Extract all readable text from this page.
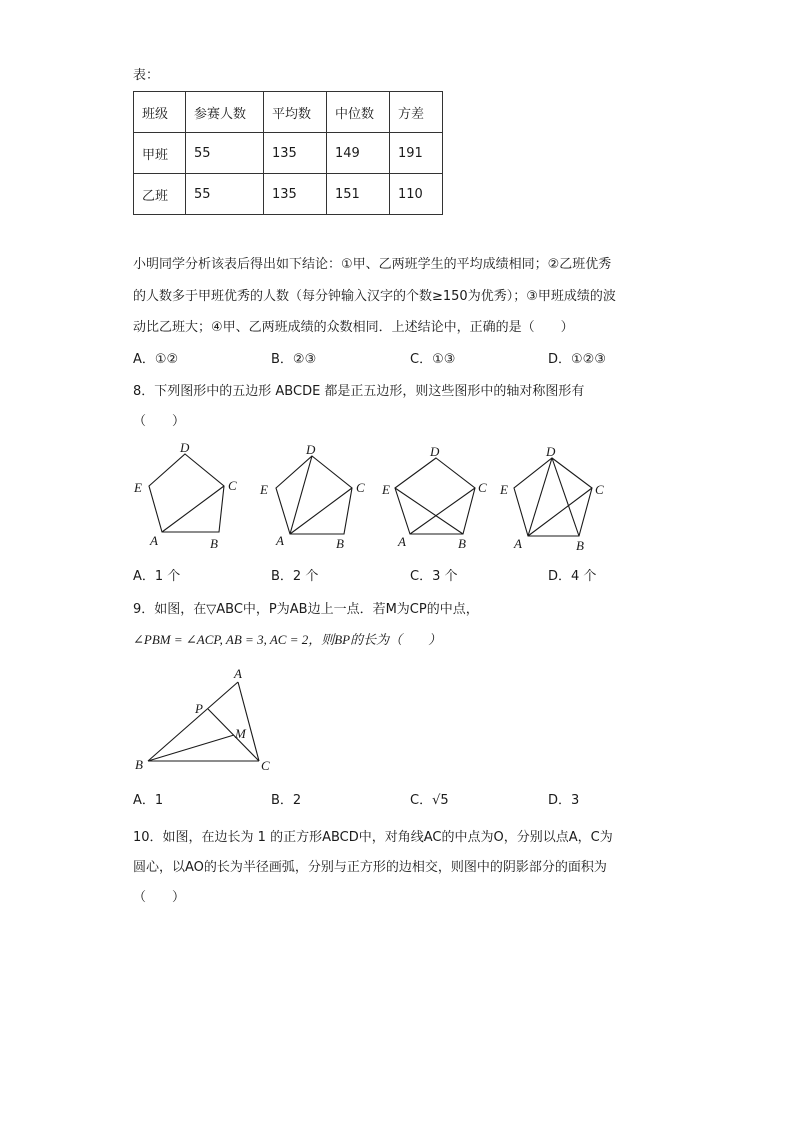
表：
班级	参赛人数	平均数	中位数	方差
甲班	55	135	149	191
乙班	55	135	151	110
小明同学分析该表后得出如下结论：①甲、乙两班学生的平均成绩相同；②乙班优秀
的人数多于甲班优秀的人数（每分钟输入汉字的个数≥150为优秀）；③甲班成绩的波
动比乙班大；④甲、乙两班成绩的众数相同．上述结论中，正确的是（　　）
A．①②	B．②③	C．①③	D．①②③
8．下列图形中的五边形 ABCDE 都是正五边形，则这些图形中的轴对称图形有
（　　）
D
C
E
A	B
D
C
E
A	B
D
C
E
A	B
D
C
E
A	B
A．1 个	B．2 个	C．3 个	D．4 个
9．如图，在▽ABC中，P为AB边上一点．若M为CP的中点，
∠PBM = ∠ACP, AB = 3, AC = 2，则BP的长为（　　）
A
P
M
B	C
A．1	B．2	C．√5	D．3
10．如图，在边长为 1 的正方形ABCD中，对角线AC的中点为O，分别以点A，C为
圆心，以AO的长为半径画弧，分别与正方形的边相交，则图中的阴影部分的面积为
（　　）
